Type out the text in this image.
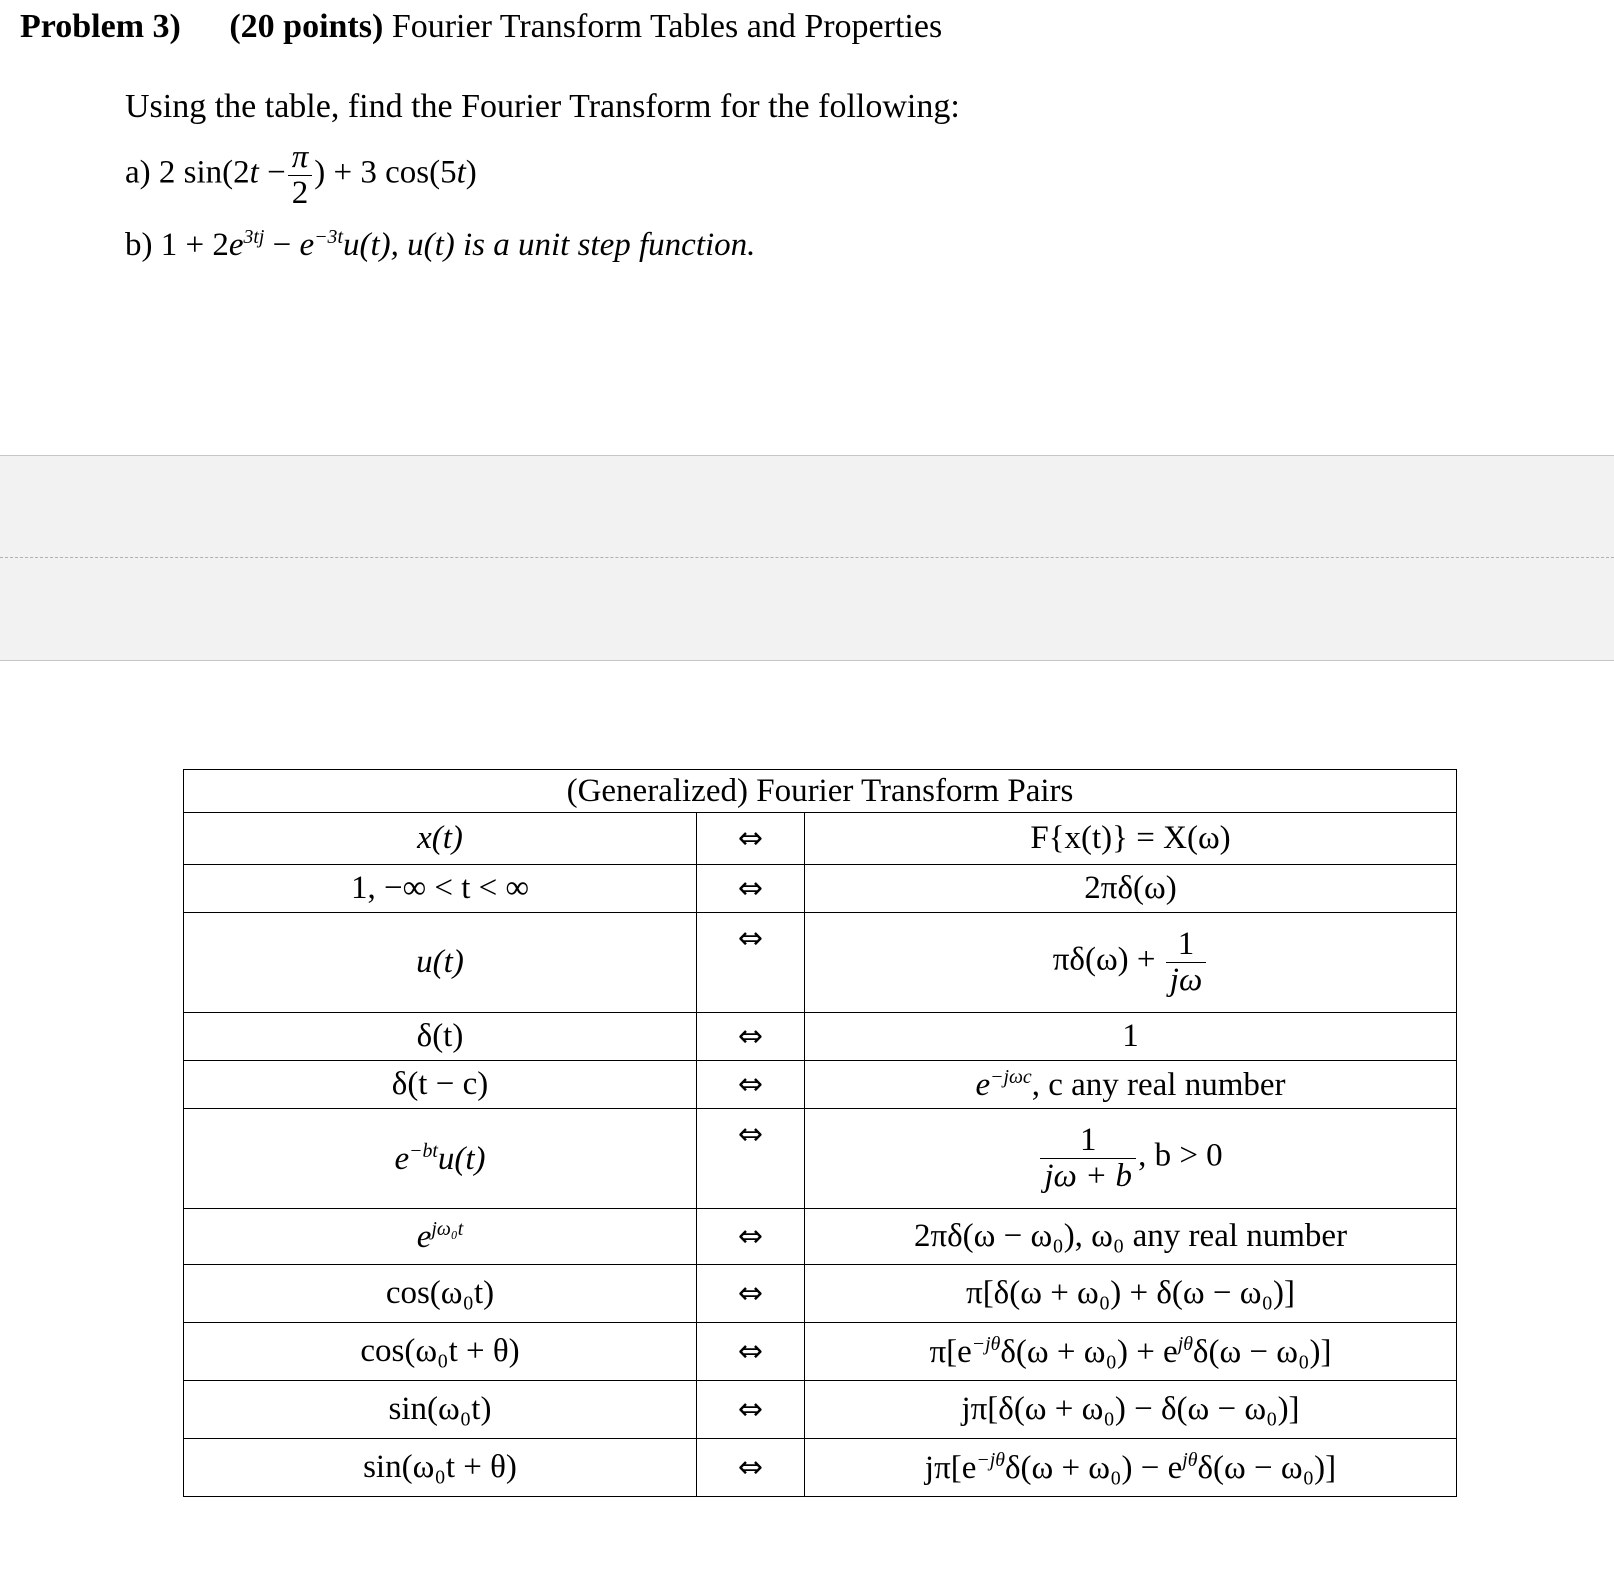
Problem 3) (20 points) Fourier Transform Tables and Properties
Using the table, find the Fourier Transform for the following:
a) 2 $\sin(2t - \frac{\pi}{2}$ ) + 3 cos(5t)
b) $1 + 2e^{3tj} - e^{-3t}u(t)$, u(t) is a unit step function.
(Generalized) Fourier Transform Pairs		
x(t)	⇔	F{x(t)} = X(ω)
1, −∞ < t < ∞	⇔	2πδ(ω)
u(t)	⇔	$\pi\delta(\omega) + \frac{1}{j\omega}$

δ(t)	⇔	1
δ(t − c)	⇔	$e^{-j\omega c}$, c any real number
$e^{-bt}u(t)$	⇔	$\frac{1}{j\omega + b}$ , b > 0
$e^{j\omega_0t}$	⇔	2πδ(ω − ω₀), ω₀ any real number
cos(ω₀t)	⇔	π[δ(ω + ω₀) + δ(ω − ω₀)]
cos(ω₀t + θ)	⇔	$\pi[e^{-j\theta}\delta(\omega + \omega_0) + e^{j\theta}\delta(\omega - \omega_0)]$
sin(ω₀t)	⇔	jπ[δ(ω + ω₀) − δ(ω − ω₀)]
sin(ω₀t + θ)	⇔	$j\pi[e^{-j\theta}\delta(\omega + \omega_0) - e^{j\theta}\delta(\omega - \omega_0)]$
